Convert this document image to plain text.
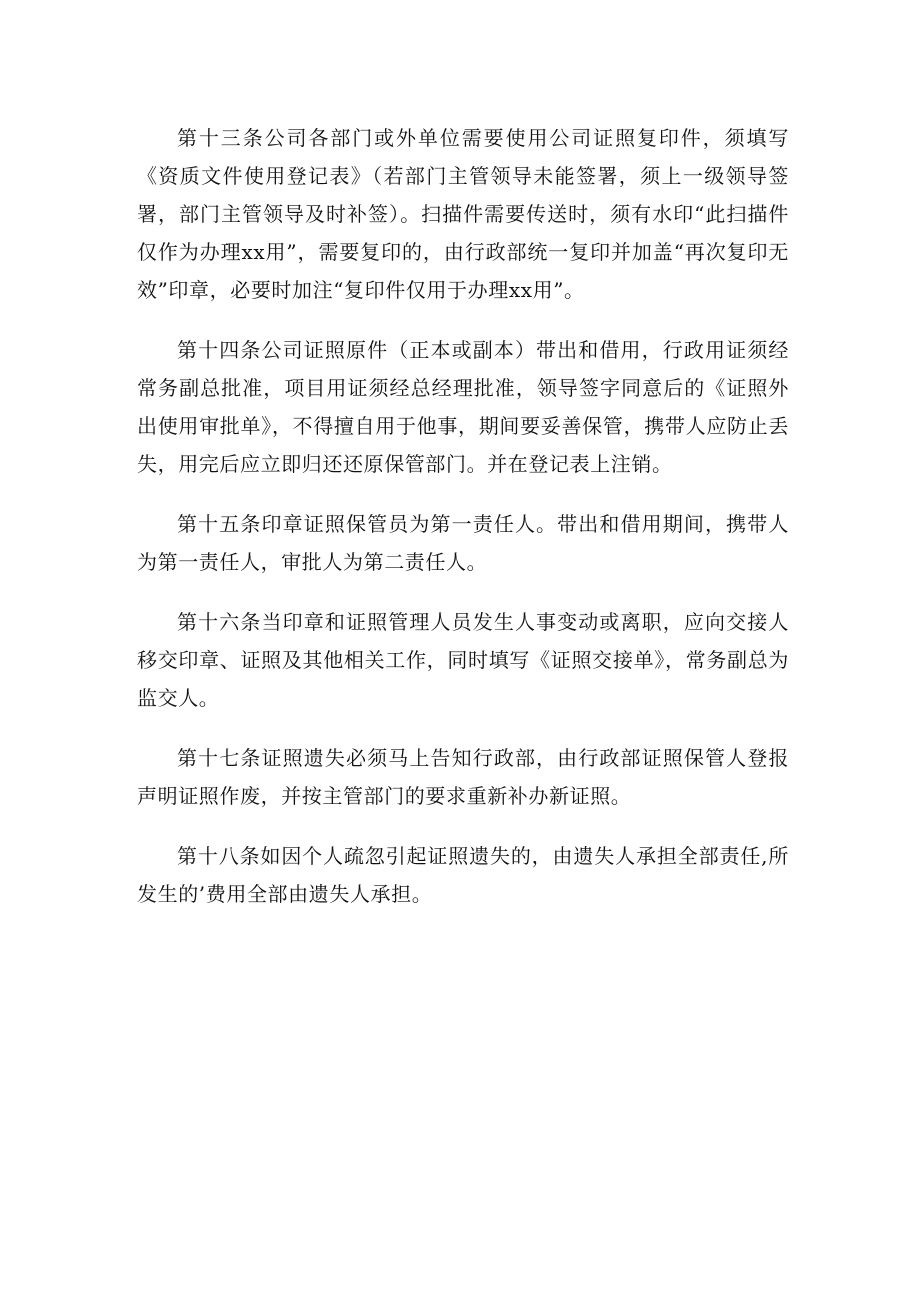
第十三条公司各部门或外单位需要使用公司证照复印件，须填写《资质文件使用登记表》（若部门主管领导未能签署，须上一级领导签署，部门主管领导及时补签）。扫描件需要传送时，须有水印“此扫描件仅作为办理xx用”，需要复印的，由行政部统一复印并加盖“再次复印无效”印章，必要时加注“复印件仅用于办理xx用”。

第十四条公司证照原件（正本或副本）带出和借用，行政用证须经常务副总批准，项目用证须经总经理批准，领导签字同意后的《证照外出使用审批单》，不得擅自用于他事，期间要妥善保管，携带人应防止丢失，用完后应立即归还还原保管部门。并在登记表上注销。

第十五条印章证照保管员为第一责任人。带出和借用期间，携带人为第一责任人，审批人为第二责任人。

第十六条当印章和证照管理人员发生人事变动或离职，应向交接人移交印章、证照及其他相关工作，同时填写《证照交接单》，常务副总为监交人。

第十七条证照遗失必须马上告知行政部，由行政部证照保管人登报声明证照作废，并按主管部门的要求重新补办新证照。

第十八条如因个人疏忽引起证照遗失的，由遗失人承担全部责任,所发生的’费用全部由遗失人承担。
